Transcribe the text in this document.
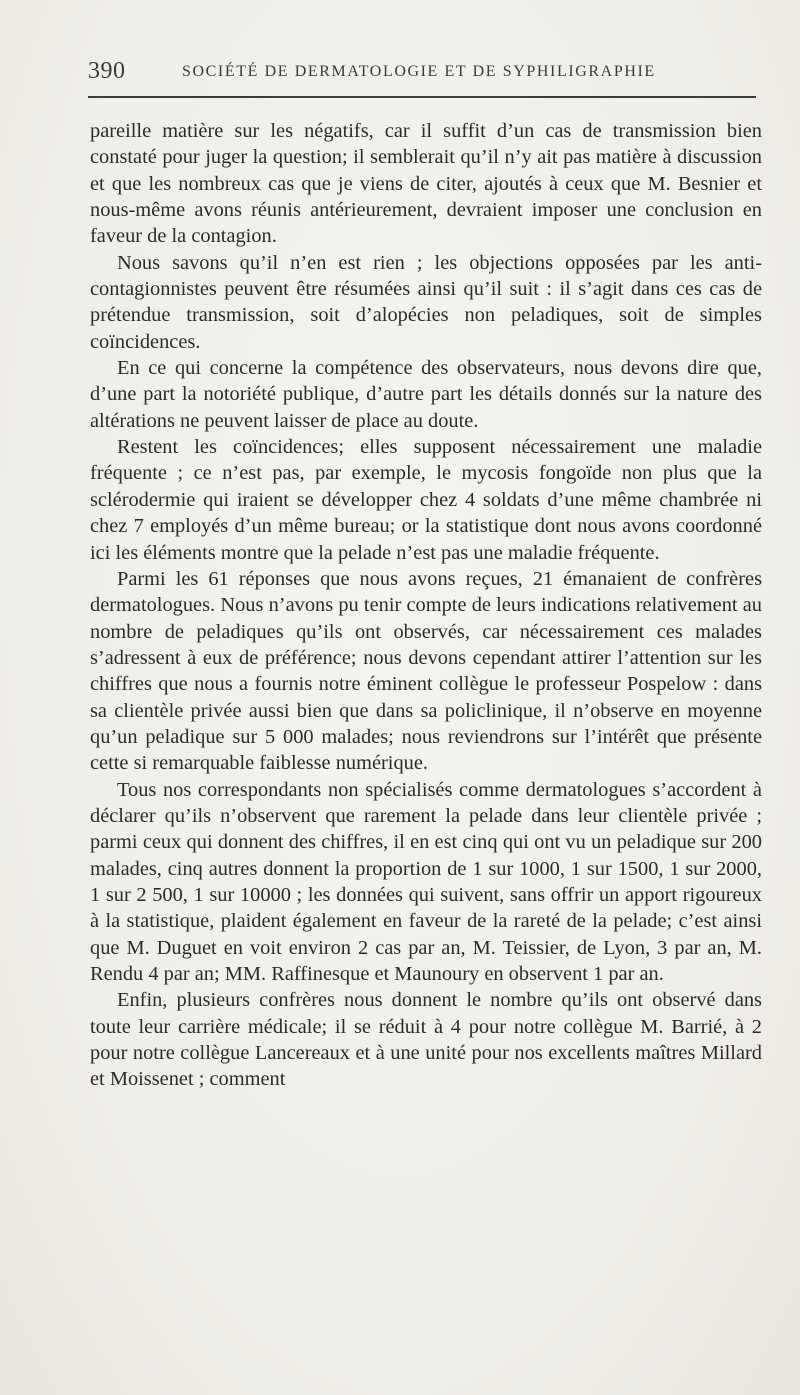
390	SOCIÉTÉ DE DERMATOLOGIE ET DE SYPHILIGRAPHIE

pareille matière sur les négatifs, car il suffit d’un cas de transmission bien constaté pour juger la question; il semblerait qu’il n’y ait pas matière à discussion et que les nombreux cas que je viens de citer, ajoutés à ceux que M. Besnier et nous-même avons réunis antérieurement, devraient imposer une conclusion en faveur de la contagion.

Nous savons qu’il n’en est rien ; les objections opposées par les anti-contagionnistes peuvent être résumées ainsi qu’il suit : il s’agit dans ces cas de prétendue transmission, soit d’alopécies non peladiques, soit de simples coïncidences.

En ce qui concerne la compétence des observateurs, nous devons dire que, d’une part la notoriété publique, d’autre part les détails donnés sur la nature des altérations ne peuvent laisser de place au doute.

Restent les coïncidences; elles supposent nécessairement une maladie fréquente ; ce n’est pas, par exemple, le mycosis fongoïde non plus que la sclérodermie qui iraient se développer chez 4 soldats d’une même chambrée ni chez 7 employés d’un même bureau; or la statistique dont nous avons coordonné ici les éléments montre que la pelade n’est pas une maladie fréquente.

Parmi les 61 réponses que nous avons reçues, 21 émanaient de confrères dermatologues. Nous n’avons pu tenir compte de leurs indications relativement au nombre de peladiques qu’ils ont observés, car nécessairement ces malades s’adressent à eux de préférence; nous devons cependant attirer l’attention sur les chiffres que nous a fournis notre éminent collègue le professeur Pospelow : dans sa clientèle privée aussi bien que dans sa policlinique, il n’observe en moyenne qu’un peladique sur 5 000 malades; nous reviendrons sur l’intérêt que présente cette si remarquable faiblesse numérique.

Tous nos correspondants non spécialisés comme dermatologues s’accordent à déclarer qu’ils n’observent que rarement la pelade dans leur clientèle privée ; parmi ceux qui donnent des chiffres, il en est cinq qui ont vu un peladique sur 200 malades, cinq autres donnent la proportion de 1 sur 1000, 1 sur 1500, 1 sur 2000, 1 sur 2 500, 1 sur 10000 ; les données qui suivent, sans offrir un apport rigoureux à la statistique, plaident également en faveur de la rareté de la pelade; c’est ainsi que M. Duguet en voit environ 2 cas par an, M. Teissier, de Lyon, 3 par an, M. Rendu 4 par an; MM. Raffinesque et Maunoury en observent 1 par an.

Enfin, plusieurs confrères nous donnent le nombre qu’ils ont observé dans toute leur carrière médicale; il se réduit à 4 pour notre collègue M. Barrié, à 2 pour notre collègue Lancereaux et à une unité pour nos excellents maîtres Millard et Moissenet ; comment
